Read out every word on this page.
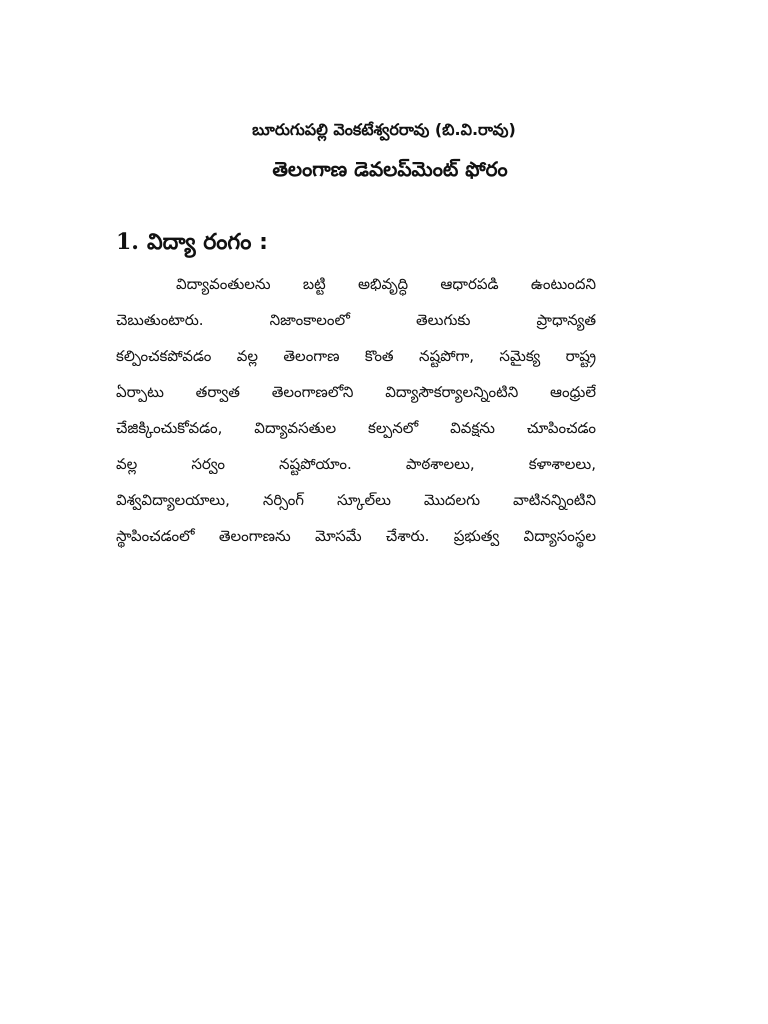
బూరుగుపల్లి వెంకటేశ్వరరావు (బి.వి.రావు)
తెలంగాణ డెవలప్‌మెంట్ ఫోరం
1. విద్యా రంగం :
విద్యావంతులను బట్టి అభివృద్ధి ఆధారపడి ఉంటుందని
చెబుతుంటారు. నిజాంకాలంలో తెలుగుకు ప్రాధాన్యత
కల్పించకపోవడం వల్ల తెలంగాణ కొంత నష్టపోగా, సమైక్య రాష్ట్ర
ఏర్పాటు తర్వాత తెలంగాణలోని విద్యాసౌకర్యాలన్నింటిని ఆంధ్రులే
చేజిక్కించుకోవడం, విద్యావసతుల కల్పనలో వివక్షను చూపించడం
వల్ల సర్వం నష్టపోయాం. పాఠశాలలు, కళాశాలలు,
విశ్వవిద్యాలయాలు, నర్సింగ్ స్కూల్‌లు మొదలగు వాటినన్నింటిని
స్థాపించడంలో తెలంగాణను మోసమే చేశారు. ప్రభుత్వ విద్యాసంస్థల
